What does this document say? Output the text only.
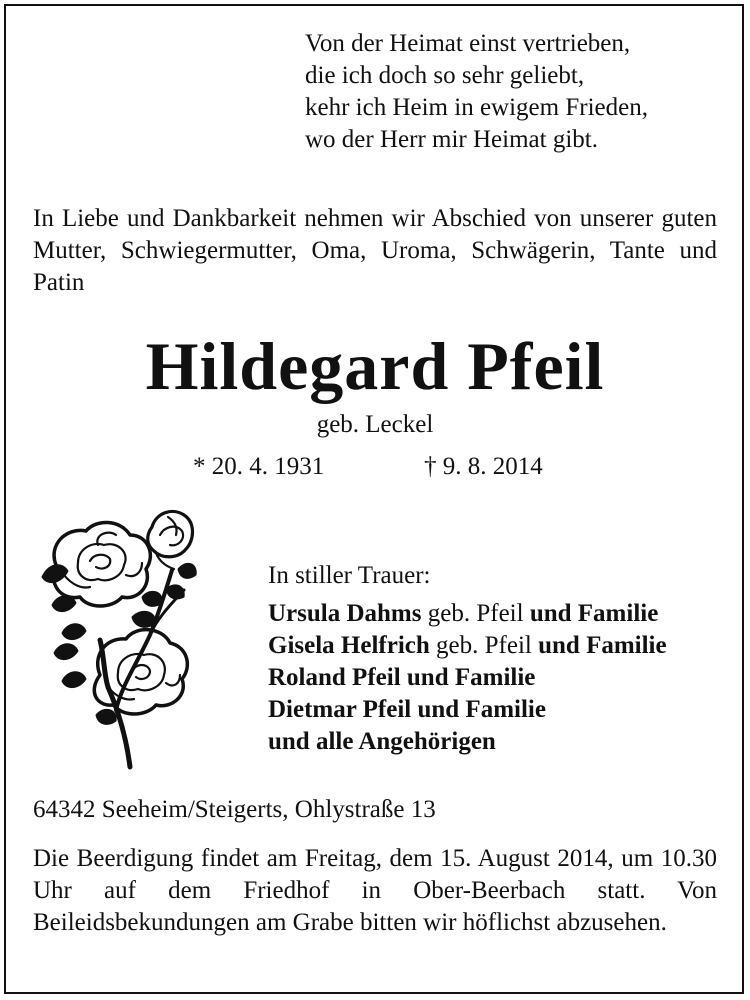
Von der Heimat einst vertrieben,
die ich doch so sehr geliebt,
kehr ich Heim in ewigem Frieden,
wo der Herr mir Heimat gibt.
In Liebe und Dankbarkeit nehmen wir Abschied von unserer guten Mutter, Schwiegermutter, Oma, Uroma, Schwägerin, Tante und Patin
Hildegard Pfeil
geb. Leckel
* 20. 4. 1931	† 9. 8. 2014
In stiller Trauer:
Ursula Dahms geb. Pfeil und Familie
Gisela Helfrich geb. Pfeil und Familie
Roland Pfeil und Familie
Dietmar Pfeil und Familie
und alle Angehörigen
64342 Seeheim/Steigerts, Ohlystraße 13
Die Beerdigung findet am Freitag, dem 15. August 2014, um 10.30 Uhr auf dem Friedhof in Ober-Beerbach statt. Von Beileidsbekundungen am Grabe bitten wir höflichst abzusehen.
